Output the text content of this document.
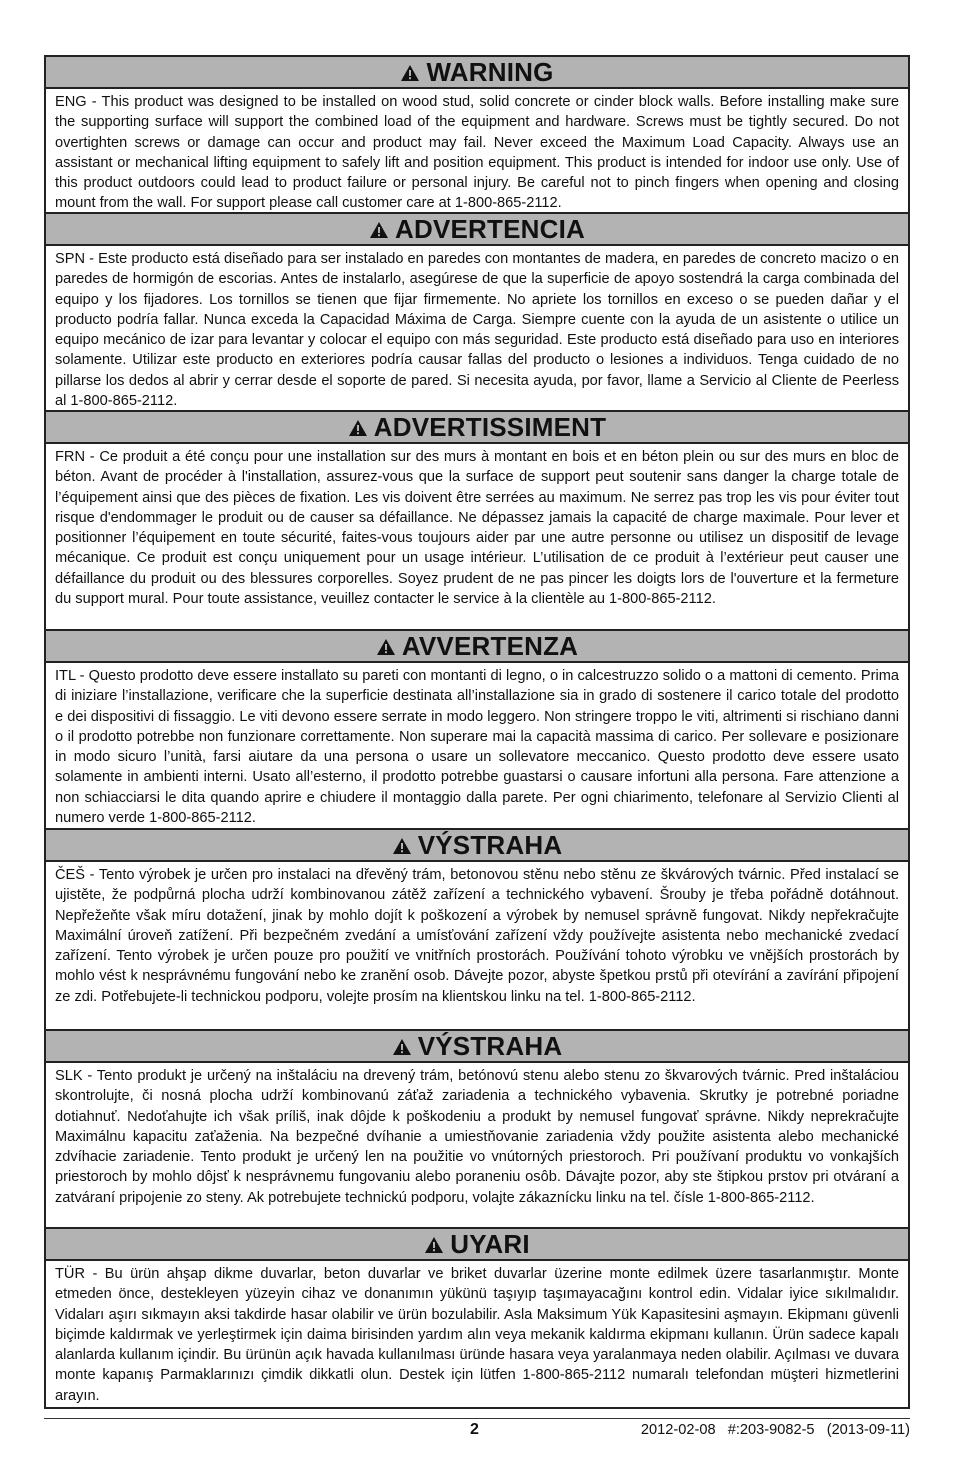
WARNING
ENG - This product was designed to be installed on wood stud, solid concrete or cinder block walls. Before installing make sure the supporting surface will support the combined load of the equipment and hardware. Screws must be tightly secured. Do not overtighten screws or damage can occur and product may fail. Never exceed the Maximum Load Capacity. Always use an assistant or mechanical lifting equipment to safely lift and position equipment. This product is intended for indoor use only. Use of this product outdoors could lead to product failure or personal injury. Be careful not to pinch fingers when opening and closing mount from the wall. For support please call customer care at 1-800-865-2112.
ADVERTENCIA
SPN - Este producto está diseñado para ser instalado en paredes con montantes de madera, en paredes de concreto macizo o en paredes de hormigón de escorias. Antes de instalarlo, asegúrese de que la superficie de apoyo sostendrá la carga combinada del equipo y los fijadores. Los tornillos se tienen que fijar firmemente. No apriete los tornillos en exceso o se pueden dañar y el producto podría fallar. Nunca exceda la Capacidad Máxima de Carga. Siempre cuente con la ayuda de un asistente o utilice un equipo mecánico de izar para levantar y colocar el equipo con más seguridad. Este producto está diseñado para uso en interiores solamente. Utilizar este producto en exteriores podría causar fallas del producto o lesiones a individuos. Tenga cuidado de no pillarse los dedos al abrir y cerrar desde el soporte de pared. Si necesita ayuda, por favor, llame a Servicio al Cliente de Peerless al 1-800-865-2112.
ADVERTISSIMENT
FRN - Ce produit a été conçu pour une installation sur des murs à montant en bois et en béton plein ou sur des murs en bloc de béton. Avant de procéder à l'installation, assurez-vous que la surface de support peut soutenir sans danger la charge totale de l’équipement ainsi que des pièces de fixation. Les vis doivent être serrées au maximum. Ne serrez pas trop les vis pour éviter tout risque d'endommager le produit ou de causer sa défaillance. Ne dépassez jamais la capacité de charge maximale. Pour lever et positionner l’équipement en toute sécurité, faites-vous toujours aider par une autre personne ou utilisez un dispositif de levage mécanique. Ce produit est conçu uniquement pour un usage intérieur. L’utilisation de ce produit à l’extérieur peut causer une défaillance du produit ou des blessures corporelles. Soyez prudent de ne pas pincer les doigts lors de l'ouverture et la fermeture du support mural. Pour toute assistance, veuillez contacter le service à la clientèle au 1-800-865-2112.
AVVERTENZA
ITL - Questo prodotto deve essere installato su pareti con montanti di legno, o in calcestruzzo solido o a mattoni di cemento. Prima di iniziare l’installazione, verificare che la superficie destinata all’installazione sia in grado di sostenere il carico totale del prodotto e dei dispositivi di fissaggio. Le viti devono essere serrate in modo leggero. Non stringere troppo le viti, altrimenti si rischiano danni o il prodotto potrebbe non funzionare correttamente. Non superare mai la capacità massima di carico. Per sollevare e posizionare in modo sicuro l’unità, farsi aiutare da una persona o usare un sollevatore meccanico. Questo prodotto deve essere usato solamente in ambienti interni. Usato all’esterno, il prodotto potrebbe guastarsi o causare infortuni alla persona. Fare attenzione a non schiacciarsi le dita quando aprire e chiudere il montaggio dalla parete. Per ogni chiarimento, telefonare al Servizio Clienti al numero verde 1-800-865-2112.
VÝSTRAHA
ČEŠ - Tento výrobek je určen pro instalaci na dřevěný trám, betonovou stěnu nebo stěnu ze škvárových tvárnic. Před instalací se ujistěte, že podpůrná plocha udrží kombinovanou zátěž zařízení a technického vybavení. Šrouby je třeba pořádně dotáhnout. Nepřežeňte však míru dotažení, jinak by mohlo dojít k poškození a výrobek by nemusel správně fungovat. Nikdy nepřekračujte Maximální úroveň zatížení. Při bezpečném zvedání a umísťování zařízení vždy používejte asistenta nebo mechanické zvedací zařízení. Tento výrobek je určen pouze pro použití ve vnitřních prostorách. Používání tohoto výrobku ve vnějších prostorách by mohlo vést k nesprávnému fungování nebo ke zranění osob. Dávejte pozor, abyste špetkou prstů při otevírání a zavírání připojení ze zdi. Potřebujete-li technickou podporu, volejte prosím na klientskou linku na tel. 1-800-865-2112.
VÝSTRAHA
SLK - Tento produkt je určený na inštaláciu na drevený trám, betónovú stenu alebo stenu zo škvarových tvárnic. Pred inštaláciou skontrolujte, či nosná plocha udrží kombinovanú záťaž zariadenia a technického vybavenia. Skrutky je potrebné poriadne dotiahnuť. Nedoťahujte ich však príliš, inak dôjde k poškodeniu a produkt by nemusel fungovať správne. Nikdy neprekračujte Maximálnu kapacitu zaťaženia. Na bezpečné dvíhanie a umiestňovanie zariadenia vždy použite asistenta alebo mechanické zdvíhacie zariadenie. Tento produkt je určený len na použitie vo vnútorných priestoroch. Pri používaní produktu vo vonkajších priestoroch by mohlo dôjsť k nesprávnemu fungovaniu alebo poraneniu osôb. Dávajte pozor, aby ste štipkou prstov pri otváraní a zatváraní pripojenie zo steny. Ak potrebujete technickú podporu, volajte zákaznícku linku na tel. čísle 1-800-865-2112.
UYARI
TÜR - Bu ürün ahşap dikme duvarlar, beton duvarlar ve briket duvarlar üzerine monte edilmek üzere tasarlanmıştır. Monte etmeden önce, destekleyen yüzeyin cihaz ve donanımın yükünü taşıyıp taşımayacağını kontrol edin. Vidalar iyice sıkılmalıdır. Vidaları aşırı sıkmayın aksi takdirde hasar olabilir ve ürün bozulabilir. Asla Maksimum Yük Kapasitesini aşmayın. Ekipmanı güvenli biçimde kaldırmak ve yerleştirmek için daima birisinden yardım alın veya mekanik kaldırma ekipmanı kullanın. Ürün sadece kapalı alanlarda kullanım içindir. Bu ürünün açık havada kullanılması üründe hasara veya yaralanmaya neden olabilir. Açılması ve duvara monte kapanış Parmaklarınızı çimdik dikkatli olun. Destek için lütfen 1-800-865-2112 numaralı telefondan müşteri hizmetlerini arayın.
2	2012-02-08   #:203-9082-5   (2013-09-11)
